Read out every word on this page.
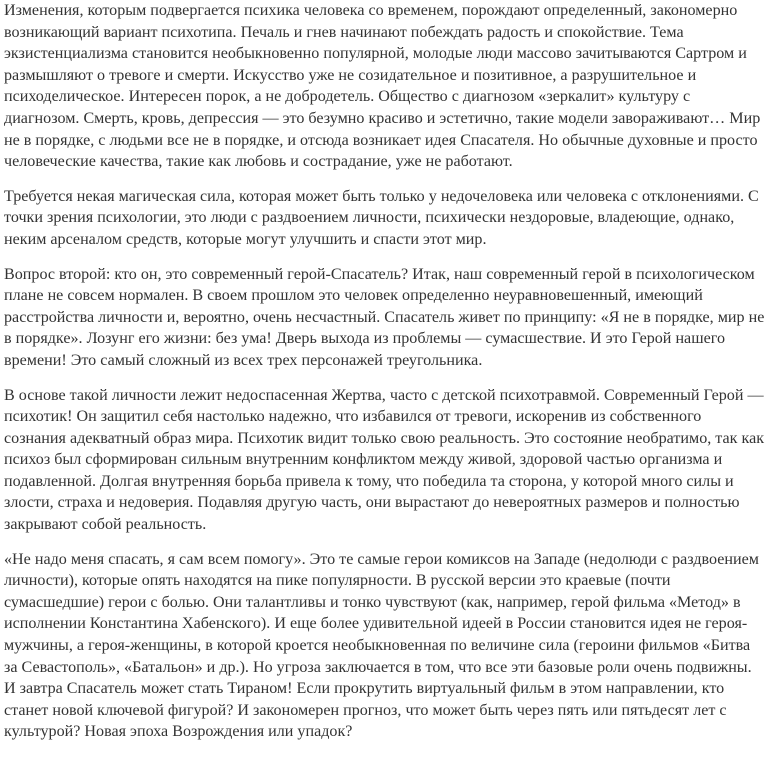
Изменения, которым подвергается психика человека со временем, порождают определенный, закономерно возникающий вариант психотипа. Печаль и гнев начинают побеждать радость и спокойствие. Тема экзистенциализма становится необыкновенно популярной, молодые люди массово зачитываются Сартром и размышляют о тревоге и смерти. Искусство уже не созидательное и позитивное, а разрушительное и психоделическое. Интересен порок, а не добродетель. Общество с диагнозом «зеркалит» культуру с диагнозом. Смерть, кровь, депрессия — это безумно красиво и эстетично, такие модели завораживают… Мир не в порядке, с людьми все не в порядке, и отсюда возникает идея Спасателя. Но обычные духовные и просто человеческие качества, такие как любовь и сострадание, уже не работают.

Требуется некая магическая сила, которая может быть только у недочеловека или человека с отклонениями. С точки зрения психологии, это люди с раздвоением личности, психически нездоровые, владеющие, однако, неким арсеналом средств, которые могут улучшить и спасти этот мир.

Вопрос второй: кто он, это современный герой-Спасатель? Итак, наш современный герой в психологическом плане не совсем нормален. В своем прошлом это человек определенно неуравновешенный, имеющий расстройства личности и, вероятно, очень несчастный. Спасатель живет по принципу: «Я не в порядке, мир не в порядке». Лозунг его жизни: без ума! Дверь выхода из проблемы — сумасшествие. И это Герой нашего времени! Это самый сложный из всех трех персонажей треугольника.

В основе такой личности лежит недоспасенная Жертва, часто с детской психотравмой. Современный Герой — психотик! Он защитил себя настолько надежно, что избавился от тревоги, искоренив из собственного сознания адекватный образ мира. Психотик видит только свою реальность. Это состояние необратимо, так как психоз был сформирован сильным внутренним конфликтом между живой, здоровой частью организма и подавленной. Долгая внутренняя борьба привела к тому, что победила та сторона, у которой много силы и злости, страха и недоверия. Подавляя другую часть, они вырастают до невероятных размеров и полностью закрывают собой реальность.

«Не надо меня спасать, я сам всем помогу». Это те самые герои комиксов на Западе (недолюди с раздвоением личности), которые опять находятся на пике популярности. В русской версии это краевые (почти сумасшедшие) герои с болью. Они талантливы и тонко чувствуют (как, например, герой фильма «Метод» в исполнении Константина Хабенского). И еще более удивительной идеей в России становится идея не героя-мужчины, а героя-женщины, в которой кроется необыкновенная по величине сила (героини фильмов «Битва за Севастополь», «Батальон» и др.). Но угроза заключается в том, что все эти базовые роли очень подвижны. И завтра Спасатель может стать Тираном! Если прокрутить виртуальный фильм в этом направлении, кто станет новой ключевой фигурой? И закономерен прогноз, что может быть через пять или пятьдесят лет с культурой? Новая эпоха Возрождения или упадок?
